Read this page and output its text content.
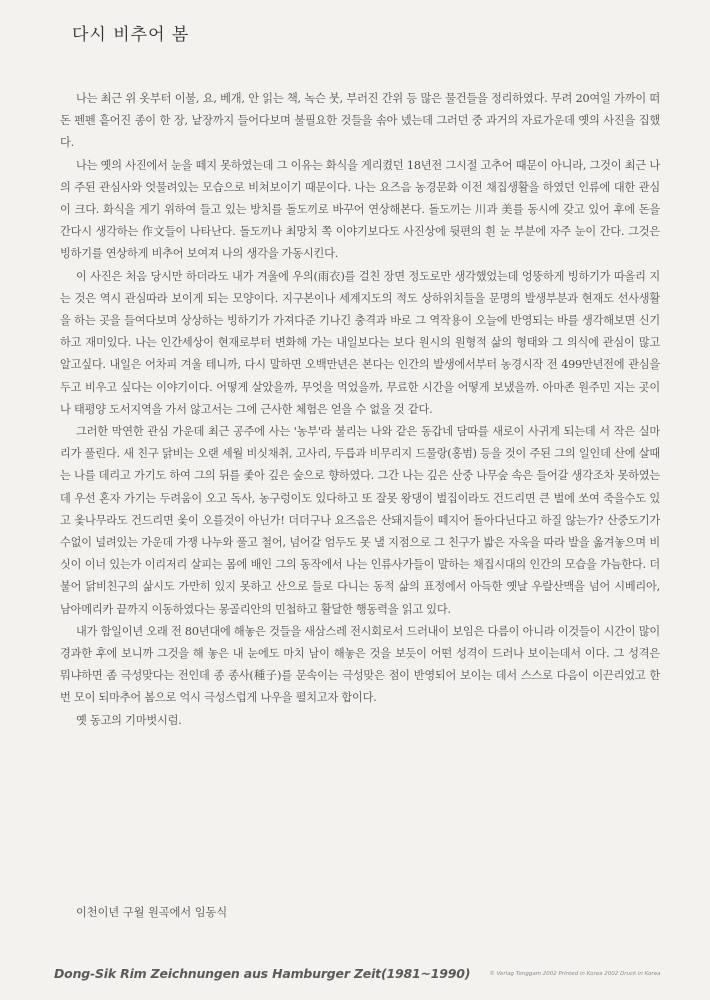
다시 비추어 봄

나는 최근 위 옷부터 이불, 요, 베개, 안 읽는 책, 녹슨 붓, 부러진 간위 등 많은 물건들을 정리하였다. 무려 20여일 가까이 떠돈 펜펜 흩어진 종이 한 장, 낱장까지 들어다보며 불필요한 것들을 솎아 넸는데 그러던 중 과거의 자료가운데 옛의 사진을 집했다.

나는 옛의 사진에서 눈을 떼지 못하였는데 그 이유는 화식을 게리켰던 18년전 그시절 고추어 때문이 아니라, 그것이 최근 나의 주된 관심사와 엇물려있는 모습으로 비쳐보이기 때문이다. 나는 요즈음 농경문화 이전 채집생활을 하였던 인류에 대한 관심이 크다. 화식을 게기 위하여 들고 있는 방치를 돌도끼로 바꾸어 연상해본다. 돌도끼는 川과 美를 동시에 갖고 있어 후에 돈을 간다시 생각하는 作文들이 나타난다. 돌도끼나 최망치 쪽 이야기보다도 사진상에 뒷편의 흰 눈 부분에 자주 눈이 간다. 그것은 빙하기를 연상하게 비추어 보여져 나의 생각을 가동시킨다.

이 사진은 처음 당시만 하더라도 내가 겨울에 우의(雨衣)를 걸친 장면 정도로만 생각했었는데 엉뚱하게 빙하기가 따올리 지는 것은 역시 관심따라 보이게 되는 모양이다. 지구본이나 세계지도의 적도 상하위치들을 문명의 발생부분과 현재도 선사생활을 하는 곳을 들여다보며 상상하는 빙하기가 가져다준 기나긴 충격과 바로 그 역작용이 오늘에 반영되는 바를 생각해보면 신기하고 재미있다. 나는 인간세상이 현재로부터 변화해 가는 내일보다는 보다 원시의 원형적 삶의 형태와 그 의식에 관심이 많고 알고싶다. 내일은 어차피 겨울 테니까, 다시 말하면 오백만년은 본다는 인간의 발생에서부터 농경시작 전 499만년전에 관심을 두고 비우고 싶다는 이야기이다. 어떻게 살았을까, 무엇을 먹었을까, 무료한 시간을 어떻게 보냈을까. 아마존 원주민 지는 곳이나 태평양 도서지역을 가서 않고서는 그에 근사한 체험은 얻을 수 없을 것 같다.

그러한 막연한 관심 가운데 최근 공주에 사는 '농부'라 불리는 나와 같은 동갑네 담따를 새로이 사귀게 되는데 서 작은 실마리가 풀린다. 새 친구 닭비는 오랜 세월 비싯채취, 고사리, 두릅과 비무리지 드물랑(홍범) 등을 것이 주된 그의 일인데 산에 살때는 나를 데리고 가기도 하여 그의 뒤를 좇아 깊은 숲으로 향하였다. 그간 나는 깊은 산중 나무숲 속은 들어갈 생각조차 못하였는데 우선 혼자 가기는 두려움이 오고 독사, 농구렁이도 있다하고 또 잘못 왕댕이 벌집이라도 건드리면 큰 벌에 쏘여 죽을수도 있고 옻나무라도 건드리면 옻이 오를것이 아닌가! 더더구나 요즈음은 산돼지들이 떼지어 돌아다닌다고 하질 않는가? 산중도기가 수없이 널려있는 가운데 가쟁 나누와 풀고 철어, 넘어갈 엄두도 못 낼 지점으로 그 친구가 밟은 자욱을 따라 발을 옮겨놓으며 비싯이 이너 있는가 이리저리 살피는 몸에 배인 그의 동작에서 나는 인류사가들이 말하는 채집시대의 인간의 모습을 가늠한다. 더불어 닭비친구의 삶시도 가만히 있지 못하고 산으로 들로 다니는 동적 삶의 표정에서 아득한 옛날 우랄산맥을 넘어 시베리아, 남아메리카 끝까지 이동하였다는 몽골리안의 민첩하고 활달한 행동력을 읽고 있다.

내가 함일이년 오래 전 80년대에 해놓은 것들을 새삼스레 전시회로서 드러내이 보임은 다름이 아니라 이것들이 시간이 많이 경과한 후에 보니까 그것을 해 놓은 내 눈에도 마치 남이 해놓은 것을 보듯이 어떤 성격이 드러나 보이는데서 이다. 그 성격은 뭐냐하면 좀 극성맞다는 전인데 종 종사(種子)를 문속이는 극성맞은 점이 반영되어 보이는 데서 스스로 다음이 이끈리었고 한번 모이 되마추어 봄으로 억시 극성스럽게 나우을 펼치고자 합이다.

옛 동고의 기마벗시럼.

이천이년 구월 원곡에서 임동식
Dong-Sik Rim Zeichnungen aus Hamburger Zeit(1981~1990)	© Verlag Tonggam 2002 Printed in Korea 2002 Druck in Korea
